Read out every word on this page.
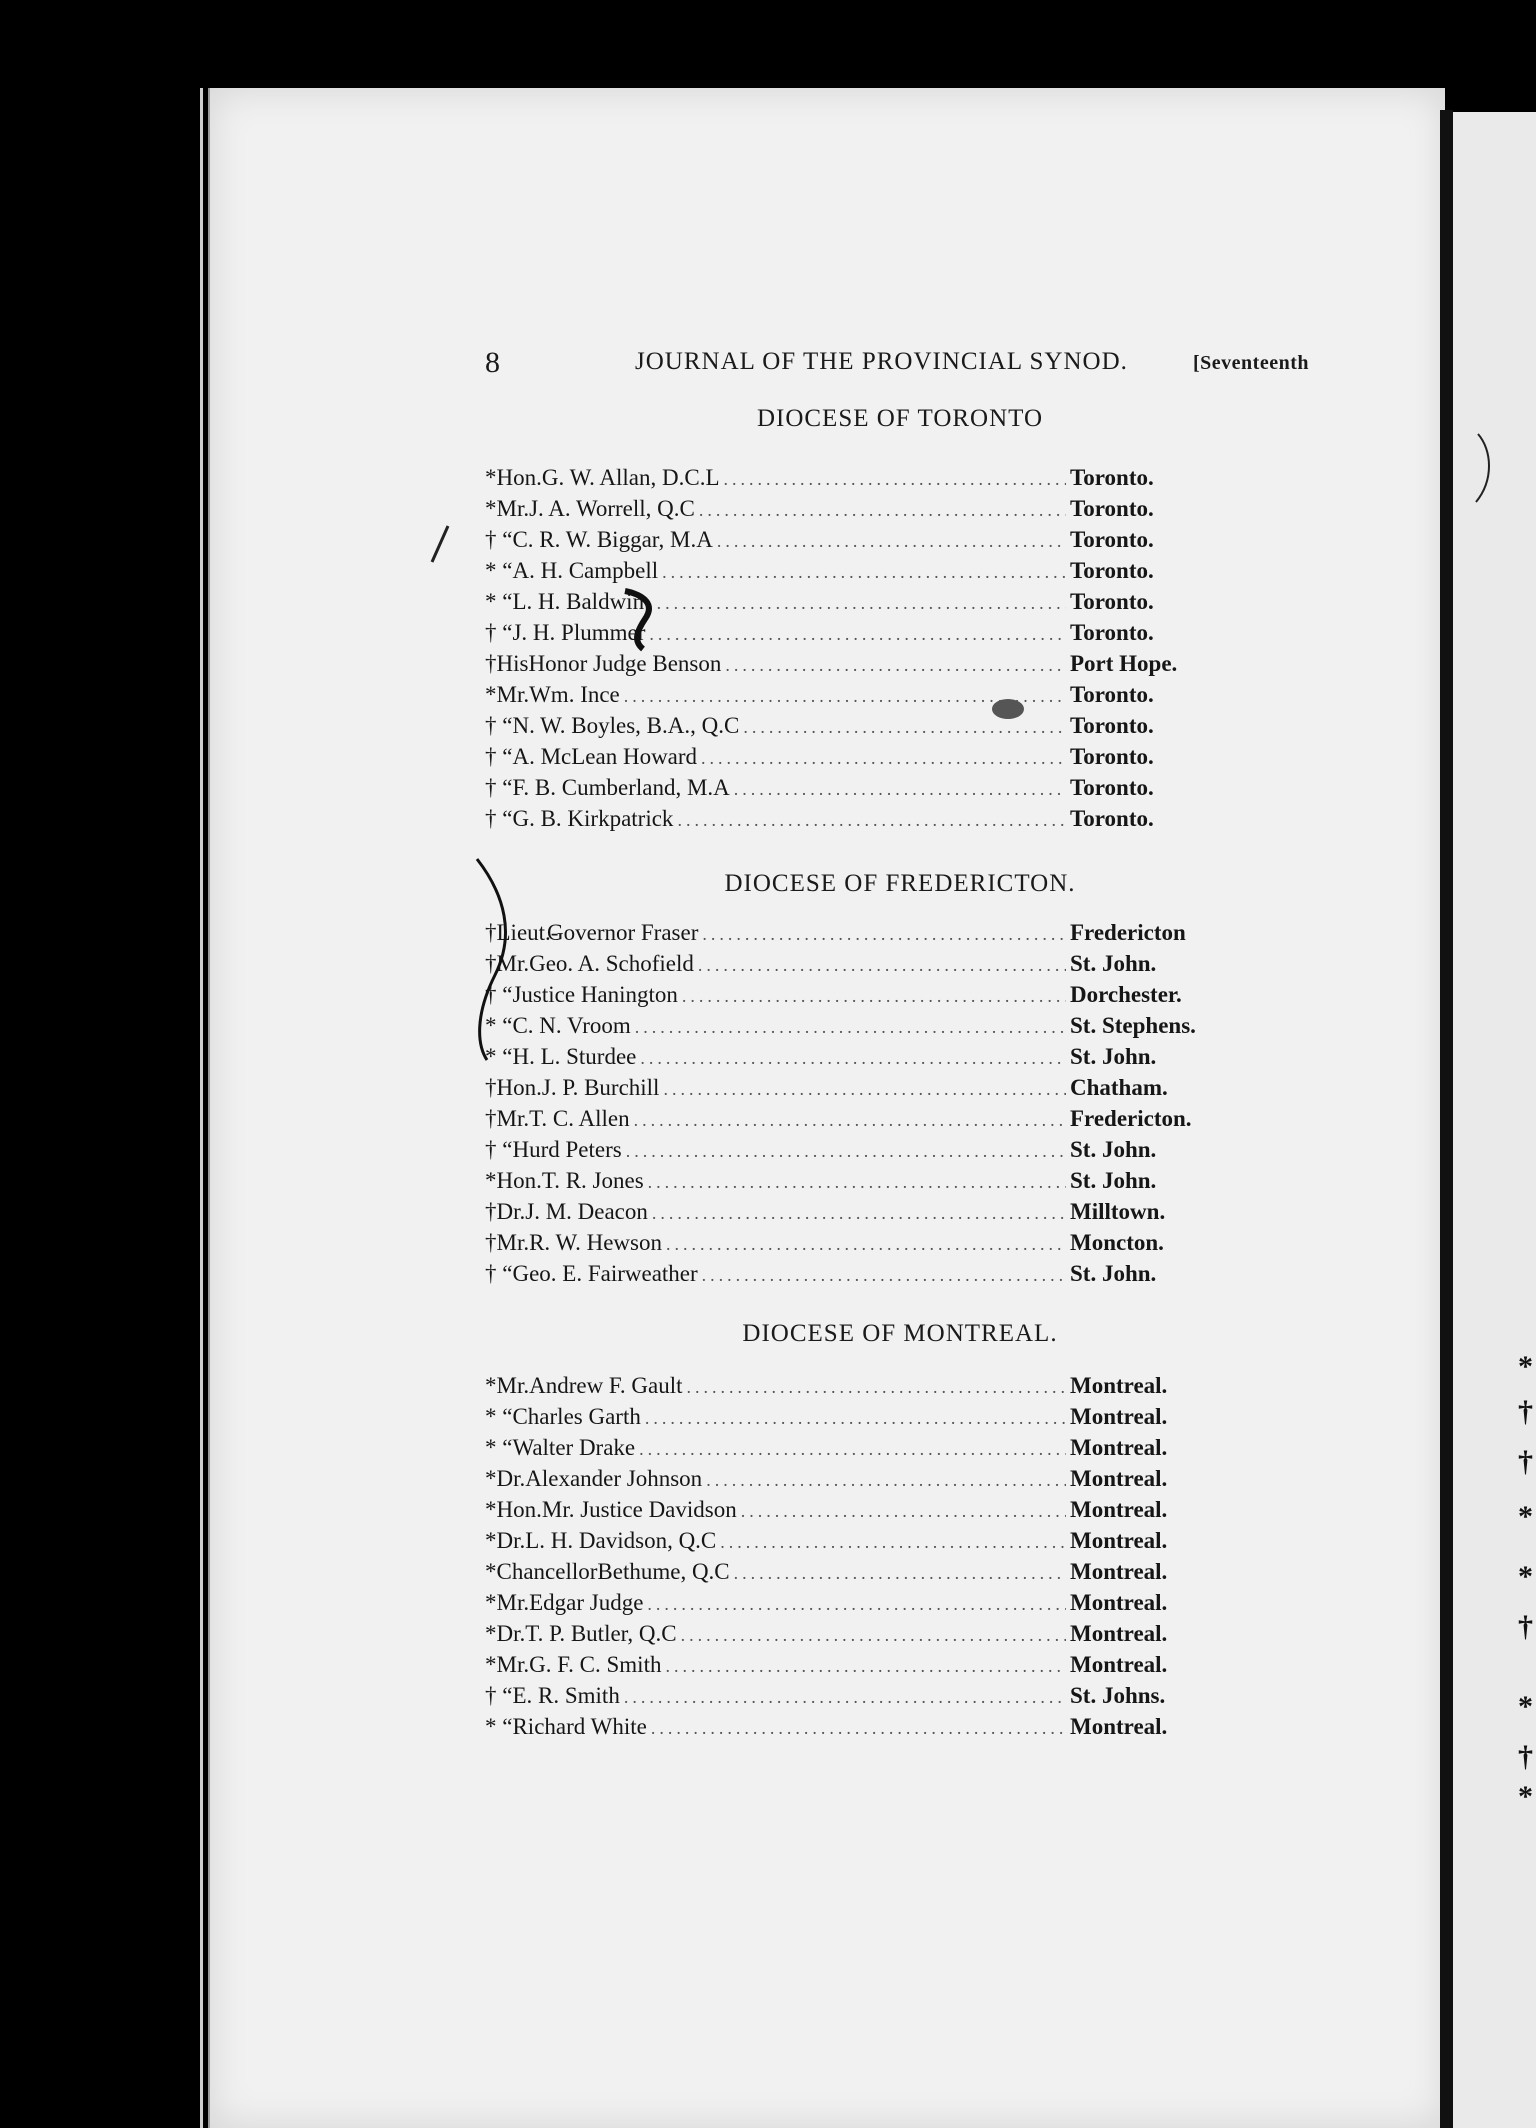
*
†
†
*
*
†
*
†
*
8	JOURNAL OF THE PROVINCIAL SYNOD.	[Seventeenth
DIOCESE OF TORONTO
*Hon. G. W. Allan, D.C.L .....	Toronto.
*Mr. J. A. Worrell, Q.C .....	Toronto.
† “ C. R. W. Biggar, M.A .....	Toronto.
* “ A. H. Campbell .....	Toronto.
* “ L. H. Baldwin .....	Toronto.
† “ J. H. Plummer .....	Toronto.
†His Honor Judge Benson .....	Port Hope.
*Mr. Wm. Ince .....	Toronto.
† “ N. W. Boyles, B.A., Q.C .....	Toronto.
† “ A. McLean Howard .....	Toronto.
† “ F. B. Cumberland, M.A .....	Toronto.
† “ G. B. Kirkpatrick .....	Toronto.
DIOCESE OF FREDERICTON.
†Lieut.-
Governor Fraser .....	Fredericton
†Mr. Geo. A. Schofield .....	St. John.
† “ Justice Hanington .....	Dorchester.
* “ C. N. Vroom .....	St. Stephens.
* “ H. L. Sturdee .....	St. John.
†Hon. J. P. Burchill .....	Chatham.
†Mr. T. C. Allen .....	Fredericton.
† “ Hurd Peters .....	St. John.
*Hon. T. R. Jones .....	St. John.
†Dr. J. M. Deacon .....	Milltown.
†Mr. R. W. Hewson .....	Moncton.
† “ Geo. E. Fairweather .....	St. John.
DIOCESE OF MONTREAL.
*Mr. Andrew F. Gault .....	Montreal.
* “ Charles Garth .....	Montreal.
* “ Walter Drake .....	Montreal.
*Dr. Alexander Johnson .....	Montreal.
*Hon. Mr. Justice Davidson .....	Montreal.
*Dr. L. H. Davidson, Q.C .....	Montreal.
*Chancellor Bethume, Q.C .....	Montreal.
*Mr. Edgar Judge .....	Montreal.
*Dr. T. P. Butler, Q.C .....	Montreal.
*Mr. G. F. C. Smith .....	Montreal.
† “ E. R. Smith .....	St. Johns.
* “ Richard White .....	Montreal.
